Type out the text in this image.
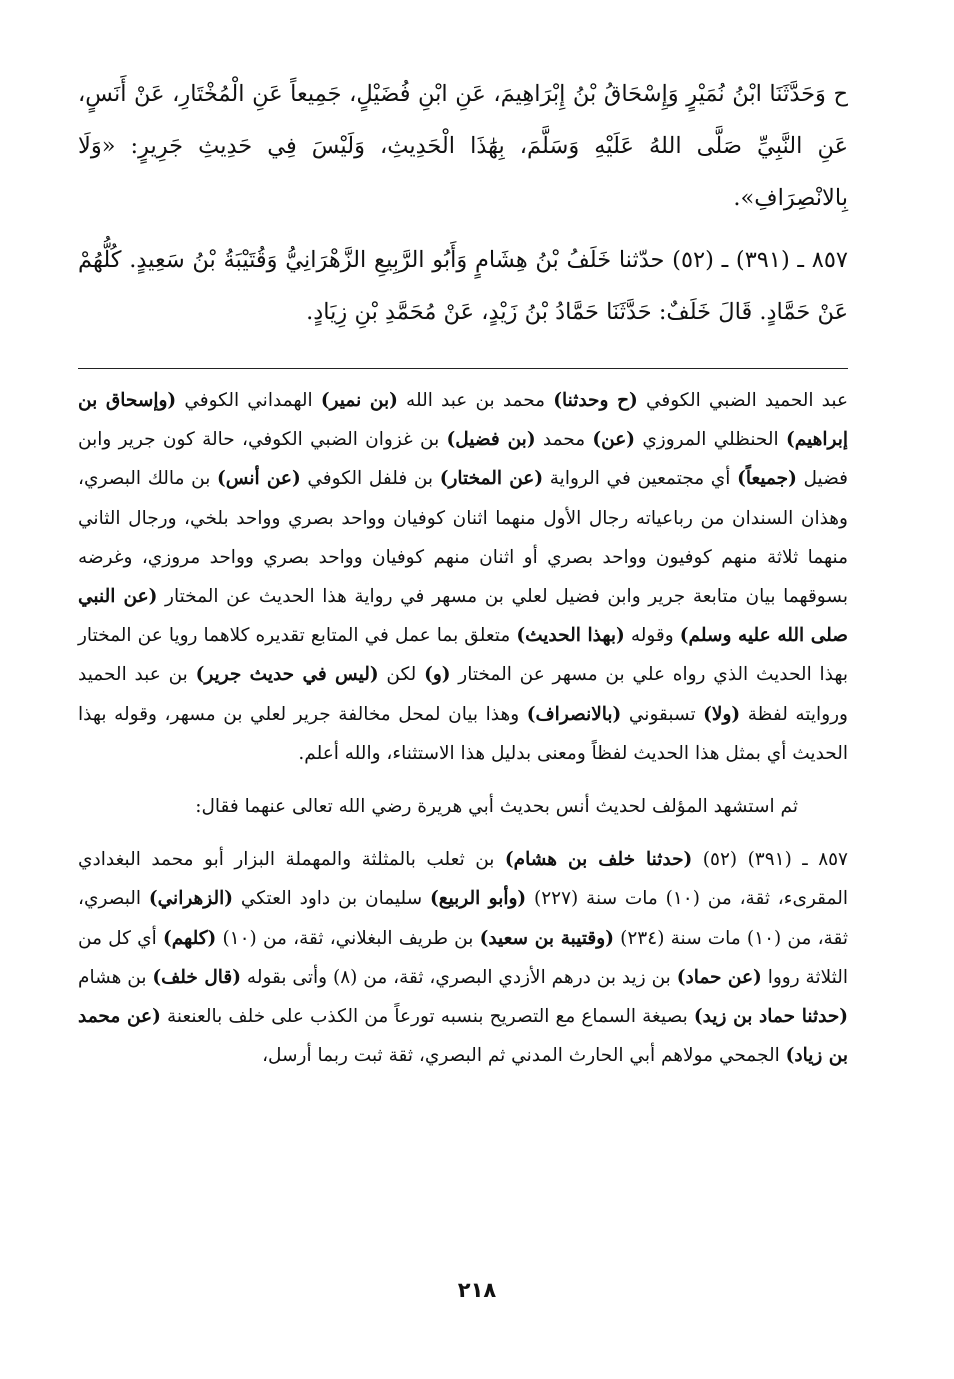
ح وَحَدَّثَنَا ابْنُ نُمَيْرٍ وَإِسْحَاقُ بْنُ إِبْرَاهِيمَ، عَنِ ابْنِ فُضَيْلٍ، جَمِيعاً عَنِ الْمُخْتَارِ، عَنْ أَنَسٍ، عَنِ النَّبِيِّ صَلَّى اللهُ عَلَيْهِ وَسَلَّمَ، بِهَٰذَا الْحَدِيثِ، وَلَيْسَ فِي حَدِيثِ جَرِيرٍ: «وَلَا بِالانْصِرَافِ».

٨٥٧ ـ (٣٩١) ـ (٥٢) حدّثنا خَلَفُ بْنُ هِشَامٍ وَأَبُو الرَّبِيعِ الزَّهْرَانِيُّ وَقُتَيْبَةُ بْنُ سَعِيدٍ. كُلُّهُمْ عَنْ حَمَّادٍ. قَالَ خَلَفٌ: حَدَّثَنَا حَمَّادُ بْنُ زَيْدٍ، عَنْ مُحَمَّدِ بْنِ زِيَادٍ.

عبد الحميد الضبي الكوفي (ح وحدثنا) محمد بن عبد الله (بن نمير) الهمداني الكوفي (وإسحاق بن إبراهيم) الحنظلي المروزي (عن) محمد (بن فضيل) بن غزوان الضبي الكوفي، حالة كون جرير وابن فضيل (جميعاً) أي مجتمعين في الرواية (عن المختار) بن فلفل الكوفي (عن أنس) بن مالك البصري، وهذان السندان من رباعياته رجال الأول منهما اثنان كوفيان وواحد بصري وواحد بلخي، ورجال الثاني منهما ثلاثة منهم كوفيون وواحد بصري أو اثنان منهم كوفيان وواحد بصري وواحد مروزي، وغرضه بسوقهما بيان متابعة جرير وابن فضيل لعلي بن مسهر في رواية هذا الحديث عن المختار (عن النبي صلى الله عليه وسلم) وقوله (بهذا الحديث) متعلق بما عمل في المتابع تقديره كلاهما رويا عن المختار بهذا الحديث الذي رواه علي بن مسهر عن المختار (و) لكن (ليس في حديث جرير) بن عبد الحميد وروايته لفظة (ولا) تسبقوني (بالانصراف) وهذا بيان لمحل مخالفة جرير لعلي بن مسهر، وقوله بهذا الحديث أي بمثل هذا الحديث لفظاً ومعنى بدليل هذا الاستثناء، والله أعلم.

ثم استشهد المؤلف لحديث أنس بحديث أبي هريرة رضي الله تعالى عنهما فقال:

٨٥٧ ـ (٣٩١) (٥٢) (حدثنا خلف بن هشام) بن ثعلب بالمثلثة والمهملة البزار أبو محمد البغدادي المقرىء، ثقة، من (١٠) مات سنة (٢٢٧) (وأبو الربيع) سليمان بن داود العتكي (الزهراني) البصري، ثقة، من (١٠) مات سنة (٢٣٤) (وقتيبة بن سعيد) بن طريف البغلاني، ثقة، من (١٠) (كلهم) أي كل من الثلاثة رووا (عن حماد) بن زيد بن درهم الأزدي البصري، ثقة، من (٨) وأتى بقوله (قال خلف) بن هشام (حدثنا حماد بن زيد) بصيغة السماع مع التصريح بنسبه تورعاً من الكذب على خلف بالعنعنة (عن محمد بن زياد) الجمحي مولاهم أبي الحارث المدني ثم البصري، ثقة ثبت ربما أرسل،

٢١٨
